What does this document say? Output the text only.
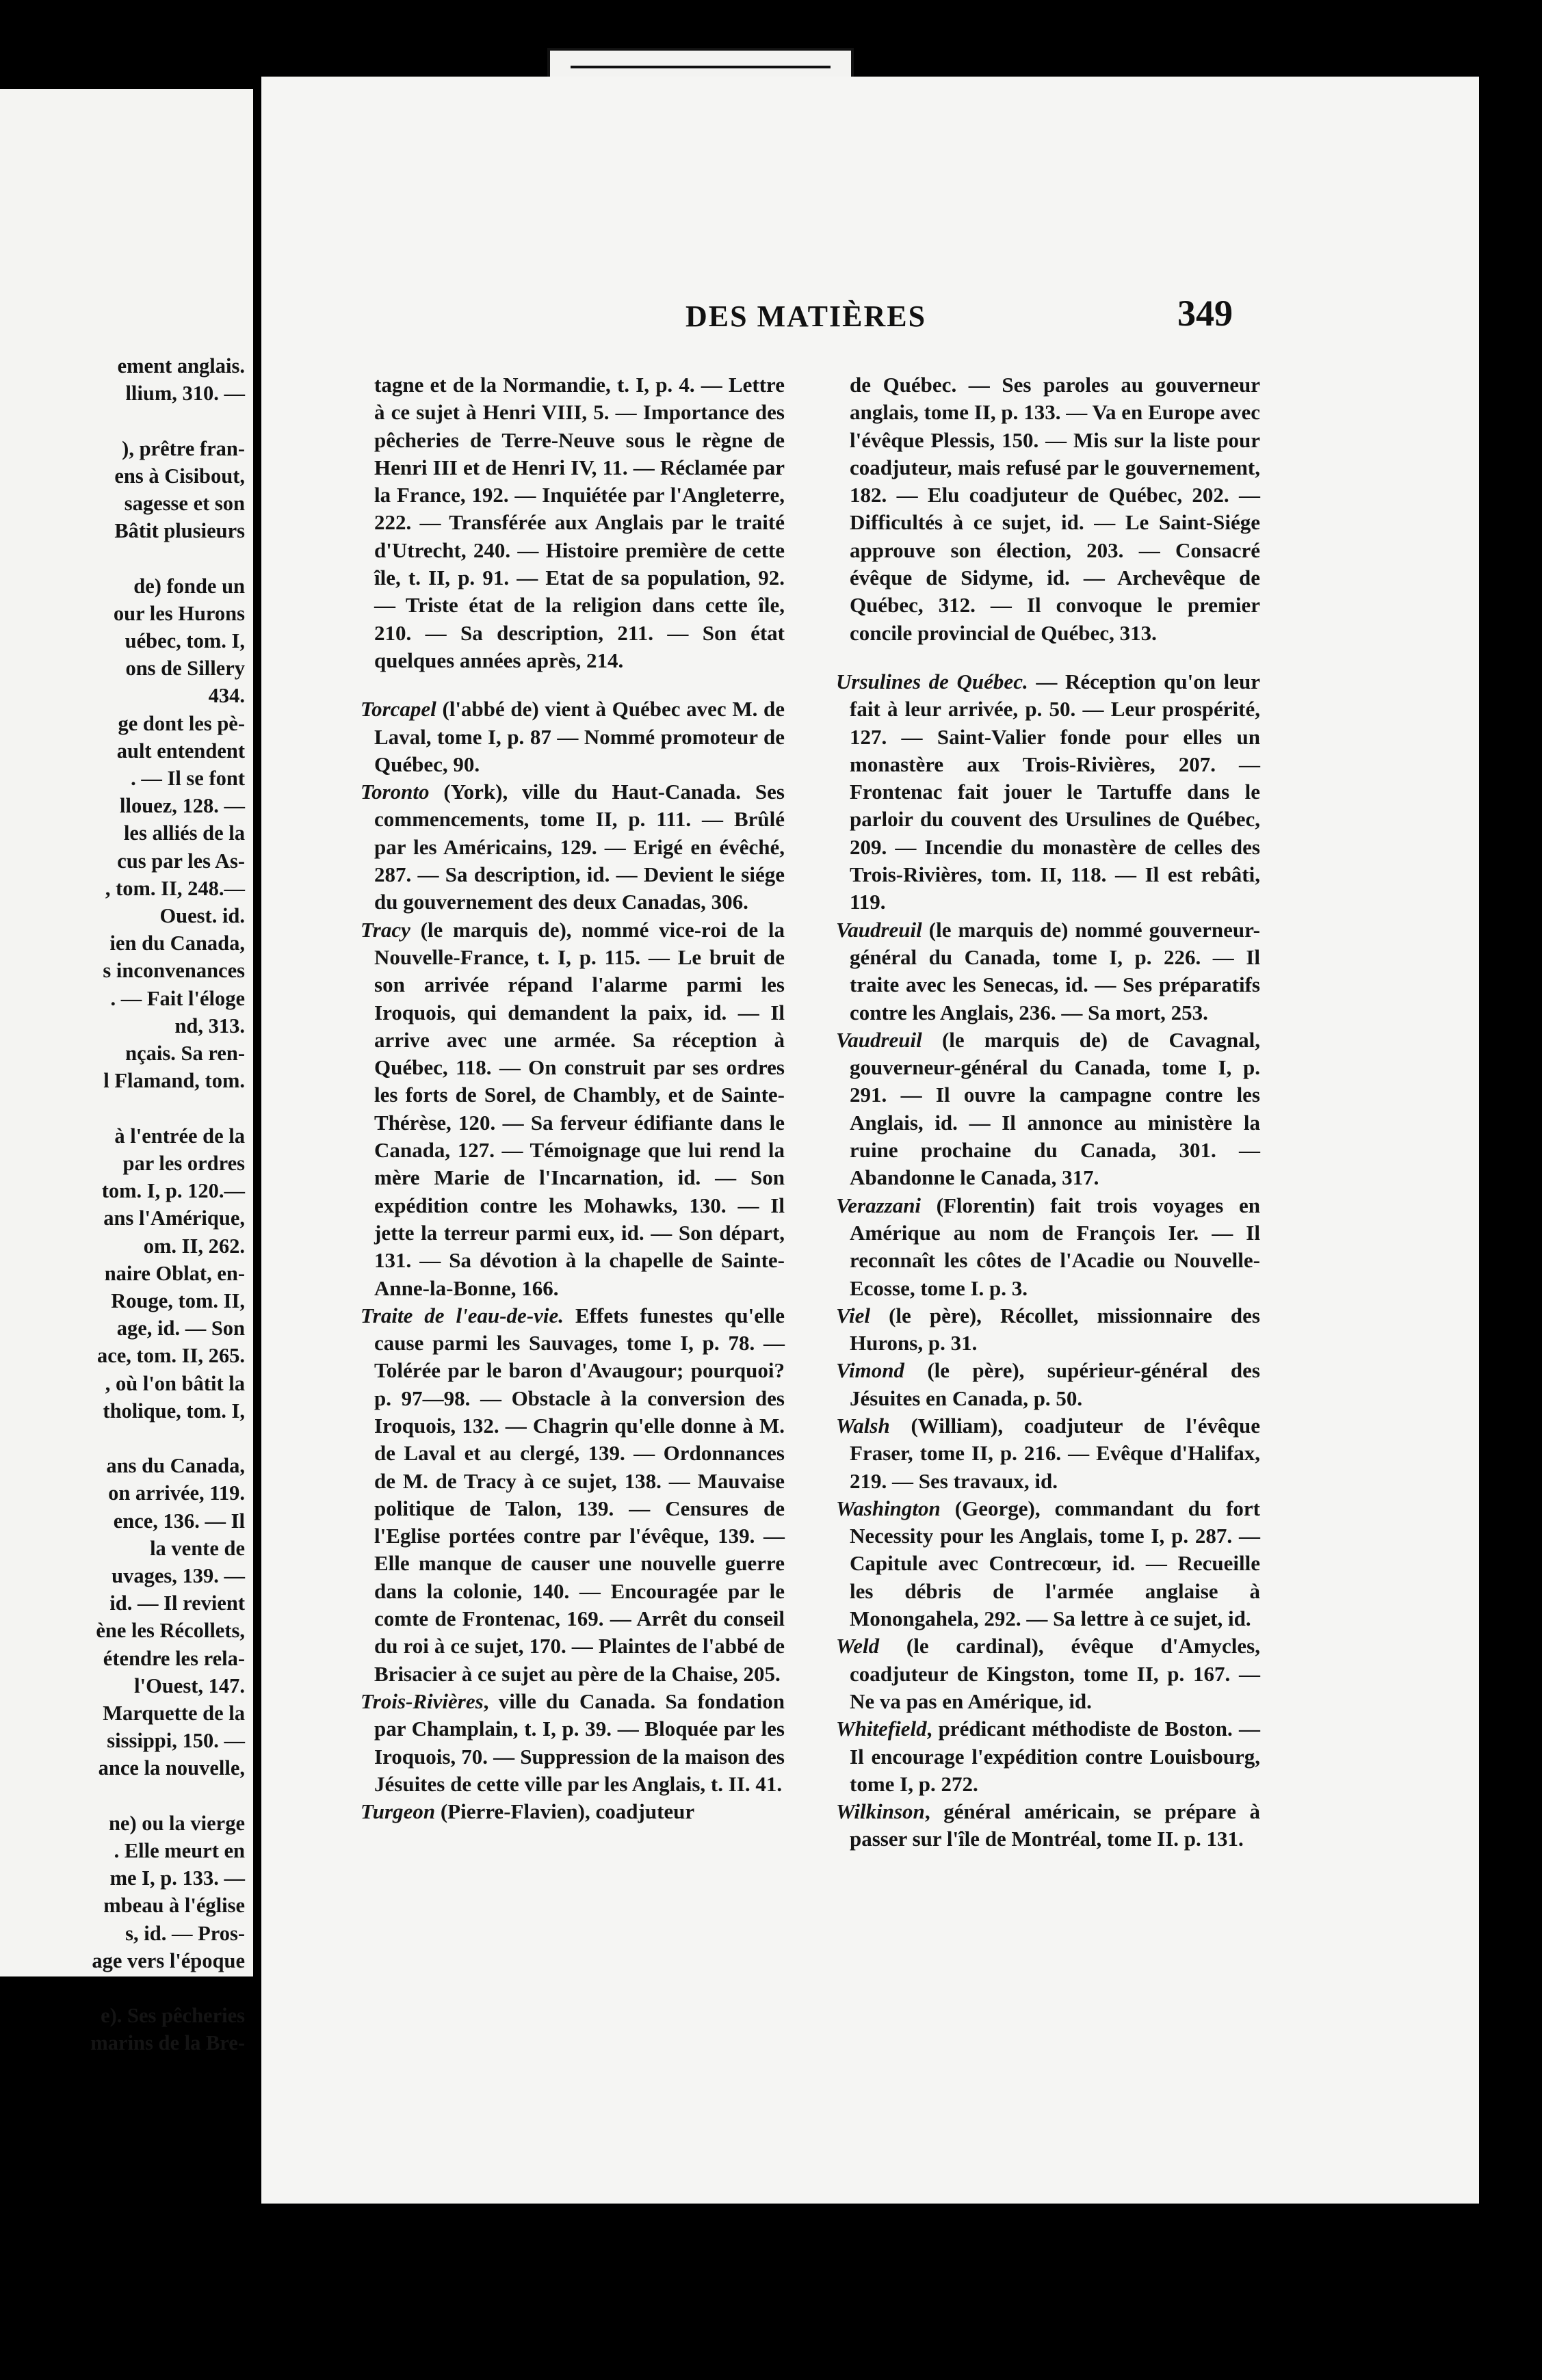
ement anglais.
llium, 310. —

), prêtre fran-
ens à Cisibout,
sagesse et son
Bâtit plusieurs

de) fonde un
our les Hurons
uébec, tom. I,
ons de Sillery
434.
ge dont les pè-
ault entendent
. — Il se font
llouez, 128. —
les alliés de la
cus par les As-
, tom. II, 248.—
Ouest. id.
ien du Canada,
s inconvenances
. — Fait l'éloge
nd, 313.
nçais. Sa ren-
l Flamand, tom.

à l'entrée de la
par les ordres
tom. I, p. 120.—
ans l'Amérique,
om. II, 262.
naire Oblat, en-
Rouge, tom. II,
age, id. — Son
ace, tom. II, 265.
, où l'on bâtit la
tholique, tom. I,

ans du Canada,
on arrivée, 119.
ence, 136. — Il
la vente de
uvages, 139. —
id. — Il revient
ène les Récollets,
étendre les rela-
l'Ouest, 147.
Marquette de la
sissippi, 150. —
ance la nouvelle,

ne) ou la vierge
. Elle meurt en
me I, p. 133. —
mbeau à l'église
s, id. — Pros-
age vers l'époque

e). Ses pêcheries
marins de la Bre-
DES MATIÈRES	349

tagne et de la Normandie, t. I, p. 4. — Lettre à ce sujet à Henri VIII, 5. — Importance des pêcheries de Terre-Neuve sous le règne de Henri III et de Henri IV, 11. — Réclamée par la France, 192. — Inquiétée par l'Angleterre, 222. — Transférée aux Anglais par le traité d'Utrecht, 240. — Histoire première de cette île, t. II, p. 91. — Etat de sa population, 92. — Triste état de la religion dans cette île, 210. — Sa description, 211. — Son état quelques années après, 214.

Torcapel (l'abbé de) vient à Québec avec M. de Laval, tome I, p. 87 — Nommé promoteur de Québec, 90.

Toronto (York), ville du Haut-Canada. Ses commencements, tome II, p. 111. — Brûlé par les Américains, 129. — Erigé en évêché, 287. — Sa description, id. — Devient le siége du gouvernement des deux Canadas, 306.

Tracy (le marquis de), nommé vice-roi de la Nouvelle-France, t. I, p. 115. — Le bruit de son arrivée répand l'alarme parmi les Iroquois, qui demandent la paix, id. — Il arrive avec une armée. Sa réception à Québec, 118. — On construit par ses ordres les forts de Sorel, de Chambly, et de Sainte-Thérèse, 120. — Sa ferveur édifiante dans le Canada, 127. — Témoignage que lui rend la mère Marie de l'Incarnation, id. — Son expédition contre les Mohawks, 130. — Il jette la terreur parmi eux, id. — Son départ, 131. — Sa dévotion à la chapelle de Sainte-Anne-la-Bonne, 166.

Traite de l'eau-de-vie. Effets funestes qu'elle cause parmi les Sauvages, tome I, p. 78. — Tolérée par le baron d'Avaugour; pourquoi? p. 97—98. — Obstacle à la conversion des Iroquois, 132. — Chagrin qu'elle donne à M. de Laval et au clergé, 139. — Ordonnances de M. de Tracy à ce sujet, 138. — Mauvaise politique de Talon, 139. — Censures de l'Eglise portées contre par l'évêque, 139. — Elle manque de causer une nouvelle guerre dans la colonie, 140. — Encouragée par le comte de Frontenac, 169. — Arrêt du conseil du roi à ce sujet, 170. — Plaintes de l'abbé de Brisacier à ce sujet au père de la Chaise, 205.

Trois-Rivières, ville du Canada. Sa fondation par Champlain, t. I, p. 39. — Bloquée par les Iroquois, 70. — Suppression de la maison des Jésuites de cette ville par les Anglais, t. II. 41.

Turgeon (Pierre-Flavien), coadjuteur

de Québec. — Ses paroles au gouverneur anglais, tome II, p. 133. — Va en Europe avec l'évêque Plessis, 150. — Mis sur la liste pour coadjuteur, mais refusé par le gouvernement, 182. — Elu coadjuteur de Québec, 202. — Difficultés à ce sujet, id. — Le Saint-Siége approuve son élection, 203. — Consacré évêque de Sidyme, id. — Archevêque de Québec, 312. — Il convoque le premier concile provincial de Québec, 313.

Ursulines de Québec. — Réception qu'on leur fait à leur arrivée, p. 50. — Leur prospérité, 127. — Saint-Valier fonde pour elles un monastère aux Trois-Rivières, 207. — Frontenac fait jouer le Tartuffe dans le parloir du couvent des Ursulines de Québec, 209. — Incendie du monastère de celles des Trois-Rivières, tom. II, 118. — Il est rebâti, 119.

Vaudreuil (le marquis de) nommé gouverneur-général du Canada, tome I, p. 226. — Il traite avec les Senecas, id. — Ses préparatifs contre les Anglais, 236. — Sa mort, 253.

Vaudreuil (le marquis de) de Cavagnal, gouverneur-général du Canada, tome I, p. 291. — Il ouvre la campagne contre les Anglais, id. — Il annonce au ministère la ruine prochaine du Canada, 301. — Abandonne le Canada, 317.

Verazzani (Florentin) fait trois voyages en Amérique au nom de François Ier. — Il reconnaît les côtes de l'Acadie ou Nouvelle-Ecosse, tome I. p. 3.

Viel (le père), Récollet, missionnaire des Hurons, p. 31.

Vimond (le père), supérieur-général des Jésuites en Canada, p. 50.

Walsh (William), coadjuteur de l'évêque Fraser, tome II, p. 216. — Evêque d'Halifax, 219. — Ses travaux, id.

Washington (George), commandant du fort Necessity pour les Anglais, tome I, p. 287. — Capitule avec Contrecœur, id. — Recueille les débris de l'armée anglaise à Monongahela, 292. — Sa lettre à ce sujet, id.

Weld (le cardinal), évêque d'Amycles, coadjuteur de Kingston, tome II, p. 167. — Ne va pas en Amérique, id.

Whitefield, prédicant méthodiste de Boston. — Il encourage l'expédition contre Louisbourg, tome I, p. 272.

Wilkinson, général américain, se prépare à passer sur l'île de Montréal, tome II. p. 131.
